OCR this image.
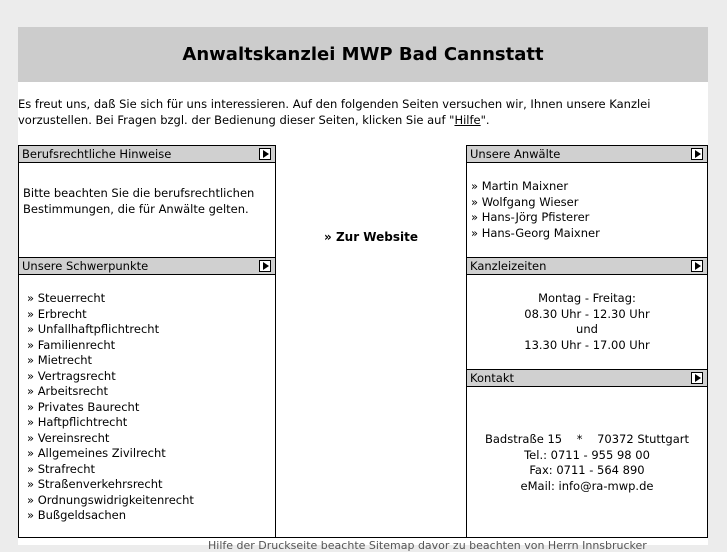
Anwaltskanzlei MWP Bad Cannstatt
Es freut uns, daß Sie sich für uns interessieren. Auf den folgenden Seiten versuchen wir, Ihnen unsere Kanzlei vorzustellen. Bei Fragen bzgl. der Bedienung dieser Seiten, klicken Sie auf "Hilfe".
Berufsrechtliche Hinweise
Bitte beachten Sie die berufsrechtlichen Bestimmungen, die für Anwälte gelten.
Unsere Schwerpunkte
» Steuerrecht
» Erbrecht
» Unfallhaftpflichtrecht
» Familienrecht
» Mietrecht
» Vertragsrecht
» Arbeitsrecht
» Privates Baurecht
» Haftpflichtrecht
» Vereinsrecht
» Allgemeines Zivilrecht
» Strafrecht
» Straßenverkehrsrecht
» Ordnungswidrigkeitenrecht
» Bußgeldsachen
» Zur Website
Unsere Anwälte
» Martin Maixner
» Wolfgang Wieser
» Hans-Jörg Pfisterer
» Hans-Georg Maixner
Kanzleizeiten
Montag - Freitag:
08.30 Uhr - 12.30 Uhr
und
13.30 Uhr - 17.00 Uhr
Kontakt
Badstraße 15    *    70372 Stuttgart
Tel.: 0711 - 955 98 00
Fax: 0711 - 564 890
eMail: info@ra-mwp.de
Hilfe der Druckseite beachte Sitemap davor zu beachten von Herrn Innsbrucker
